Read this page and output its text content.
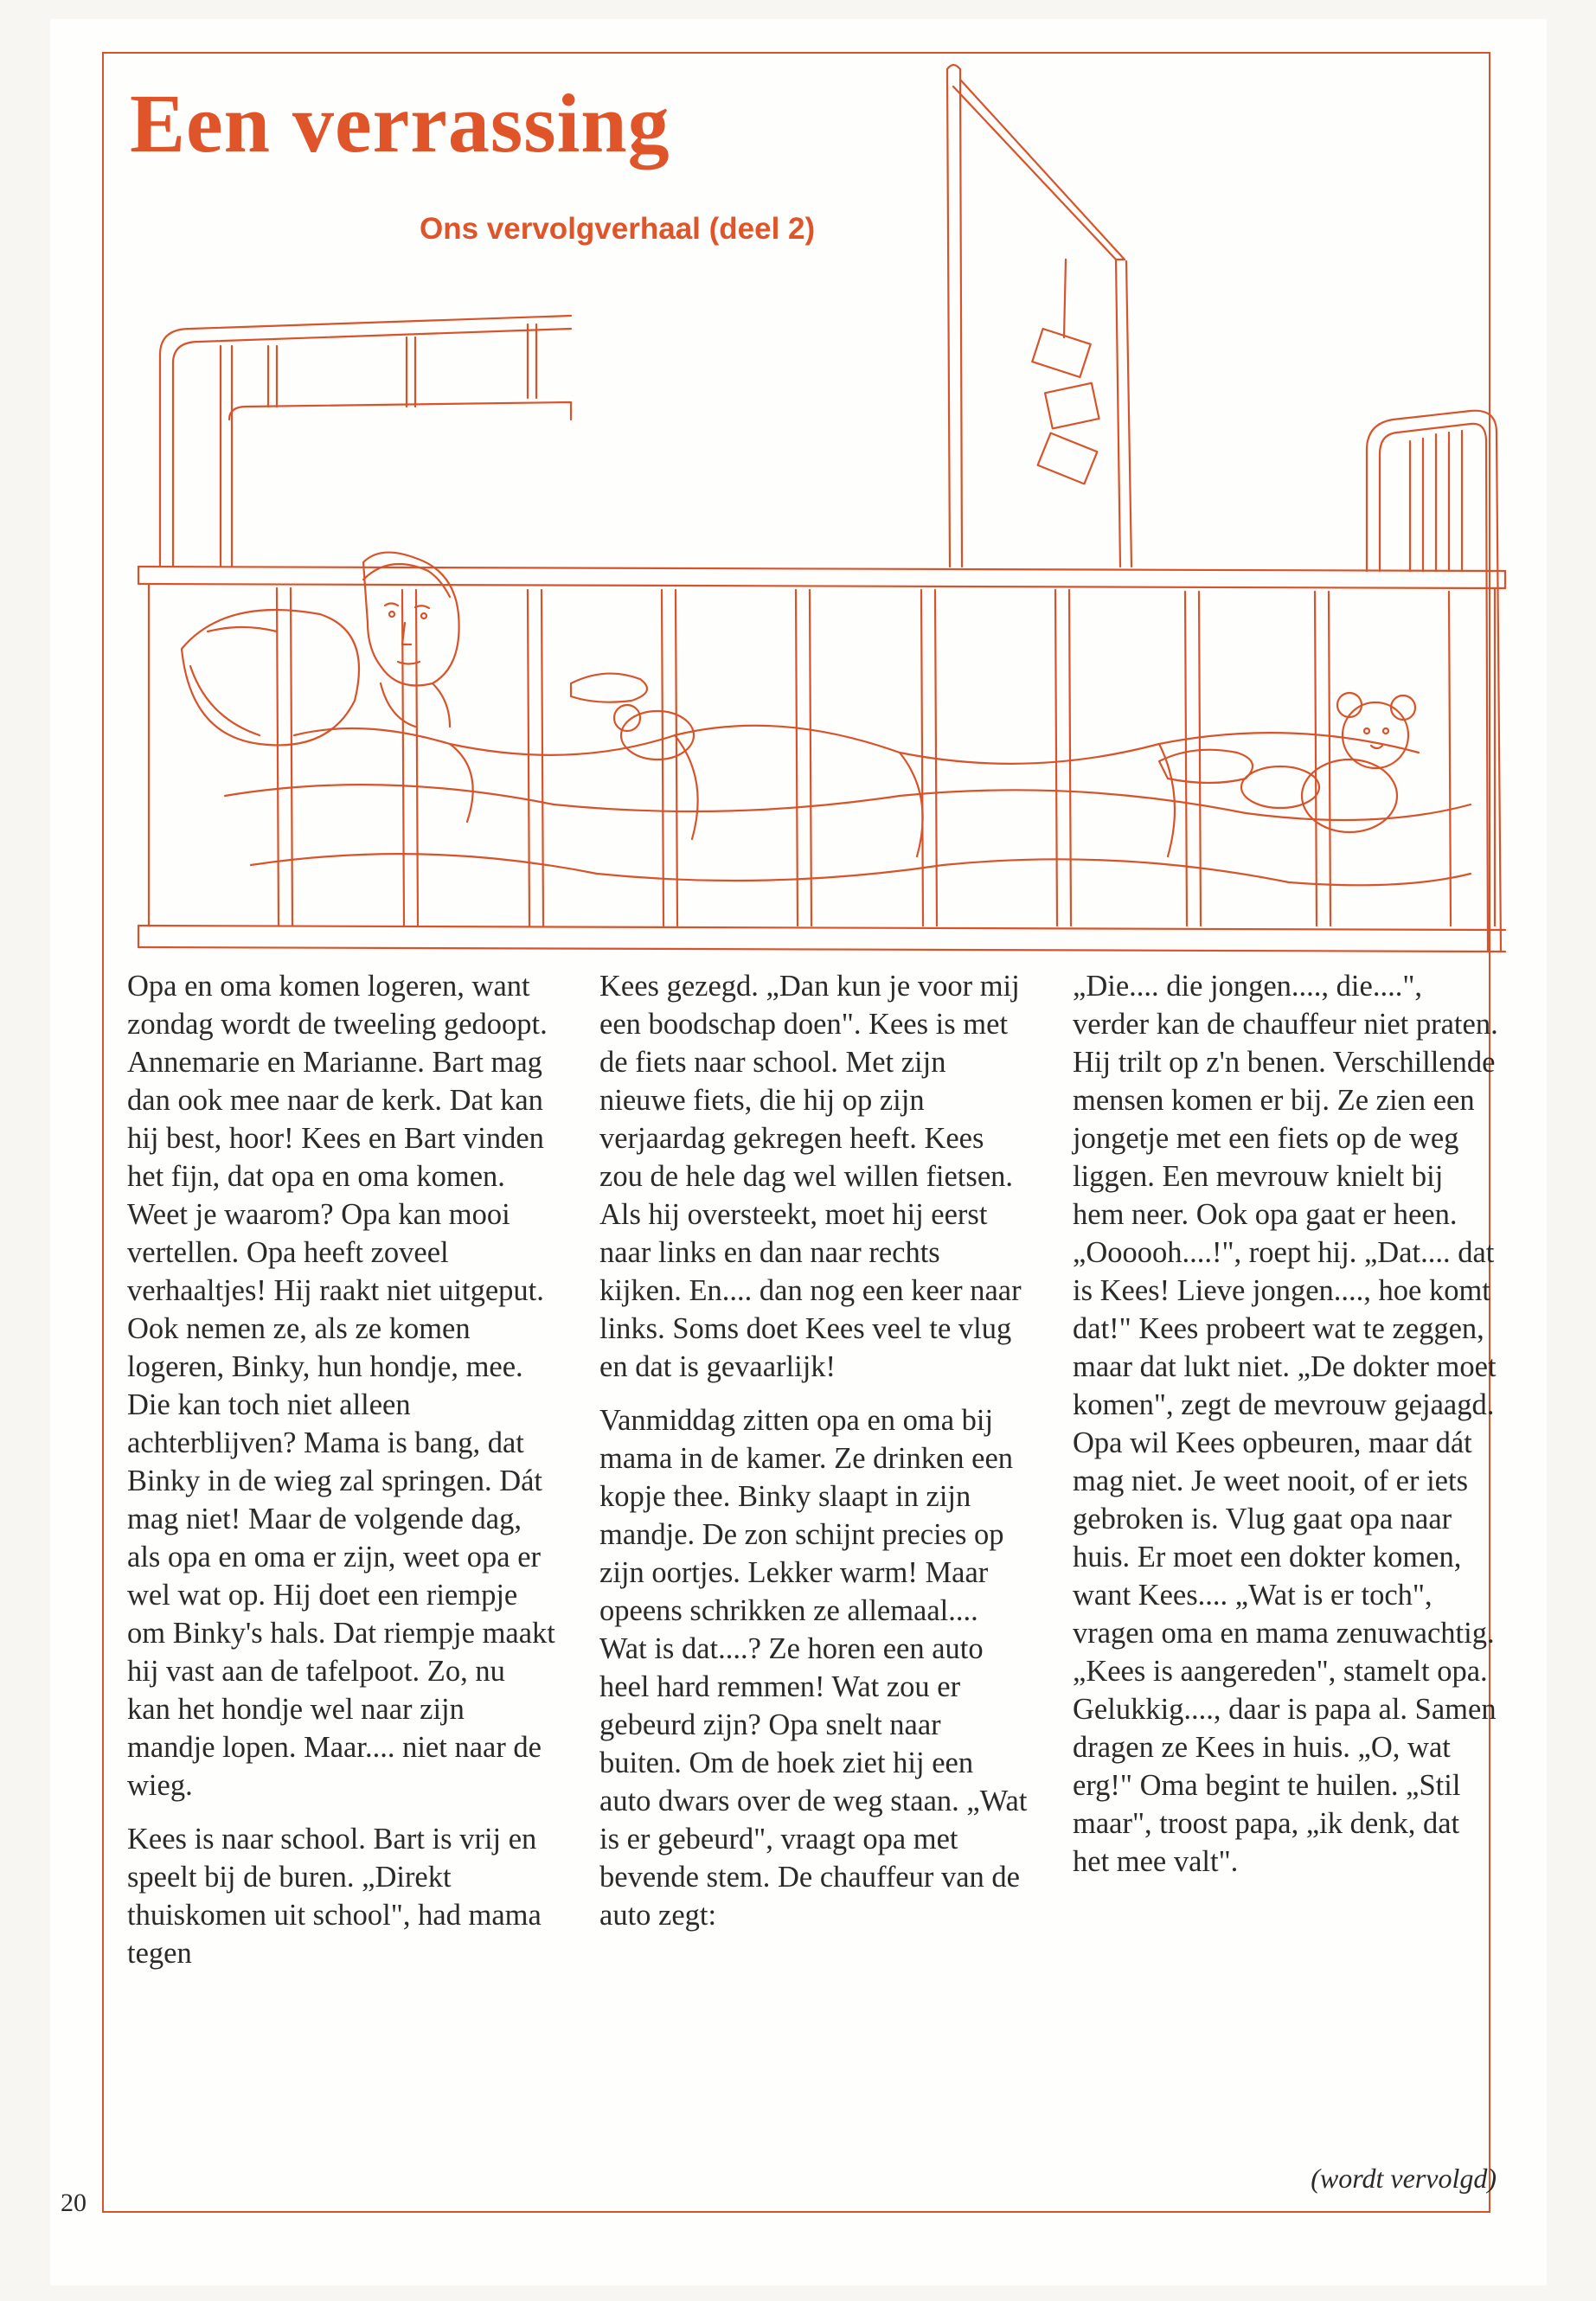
Een verrassing
Ons vervolgverhaal (deel 2)

Opa en oma komen logeren, want zondag wordt de tweeling gedoopt. Annemarie en Marianne. Bart mag dan ook mee naar de kerk. Dat kan hij best, hoor! Kees en Bart vinden het fijn, dat opa en oma komen. Weet je waarom? Opa kan mooi vertellen. Opa heeft zoveel verhaaltjes! Hij raakt niet uitgeput. Ook nemen ze, als ze komen logeren, Binky, hun hondje, mee. Die kan toch niet alleen achterblijven? Mama is bang, dat Binky in de wieg zal springen. Dát mag niet! Maar de volgende dag, als opa en oma er zijn, weet opa er wel wat op. Hij doet een riempje om Binky's hals. Dat riempje maakt hij vast aan de tafelpoot. Zo, nu kan het hondje wel naar zijn mandje lopen. Maar.... niet naar de wieg.

Kees is naar school. Bart is vrij en speelt bij de buren. „Direkt thuiskomen uit school", had mama tegen

Kees gezegd. „Dan kun je voor mij een boodschap doen". Kees is met de fiets naar school. Met zijn nieuwe fiets, die hij op zijn verjaardag gekregen heeft. Kees zou de hele dag wel willen fietsen. Als hij oversteekt, moet hij eerst naar links en dan naar rechts kijken. En.... dan nog een keer naar links. Soms doet Kees veel te vlug en dat is gevaarlijk!

Vanmiddag zitten opa en oma bij mama in de kamer. Ze drinken een kopje thee. Binky slaapt in zijn mandje. De zon schijnt precies op zijn oortjes. Lekker warm! Maar opeens schrikken ze allemaal.... Wat is dat....? Ze horen een auto heel hard remmen! Wat zou er gebeurd zijn? Opa snelt naar buiten. Om de hoek ziet hij een auto dwars over de weg staan. „Wat is er gebeurd", vraagt opa met bevende stem. De chauffeur van de auto zegt:

„Die.... die jongen...., die....", verder kan de chauffeur niet praten. Hij trilt op z'n benen. Verschillende mensen komen er bij. Ze zien een jongetje met een fiets op de weg liggen. Een mevrouw knielt bij hem neer. Ook opa gaat er heen. „Oooooh....!", roept hij. „Dat.... dat is Kees! Lieve jongen...., hoe komt dat!" Kees probeert wat te zeggen, maar dat lukt niet. „De dokter moet komen", zegt de mevrouw gejaagd. Opa wil Kees opbeuren, maar dát mag niet. Je weet nooit, of er iets gebroken is. Vlug gaat opa naar huis. Er moet een dokter komen, want Kees.... „Wat is er toch", vragen oma en mama zenuwachtig. „Kees is aangereden", stamelt opa. Gelukkig...., daar is papa al. Samen dragen ze Kees in huis. „O, wat erg!" Oma begint te huilen. „Stil maar", troost papa, „ik denk, dat het mee valt".

(wordt vervolgd)
20
